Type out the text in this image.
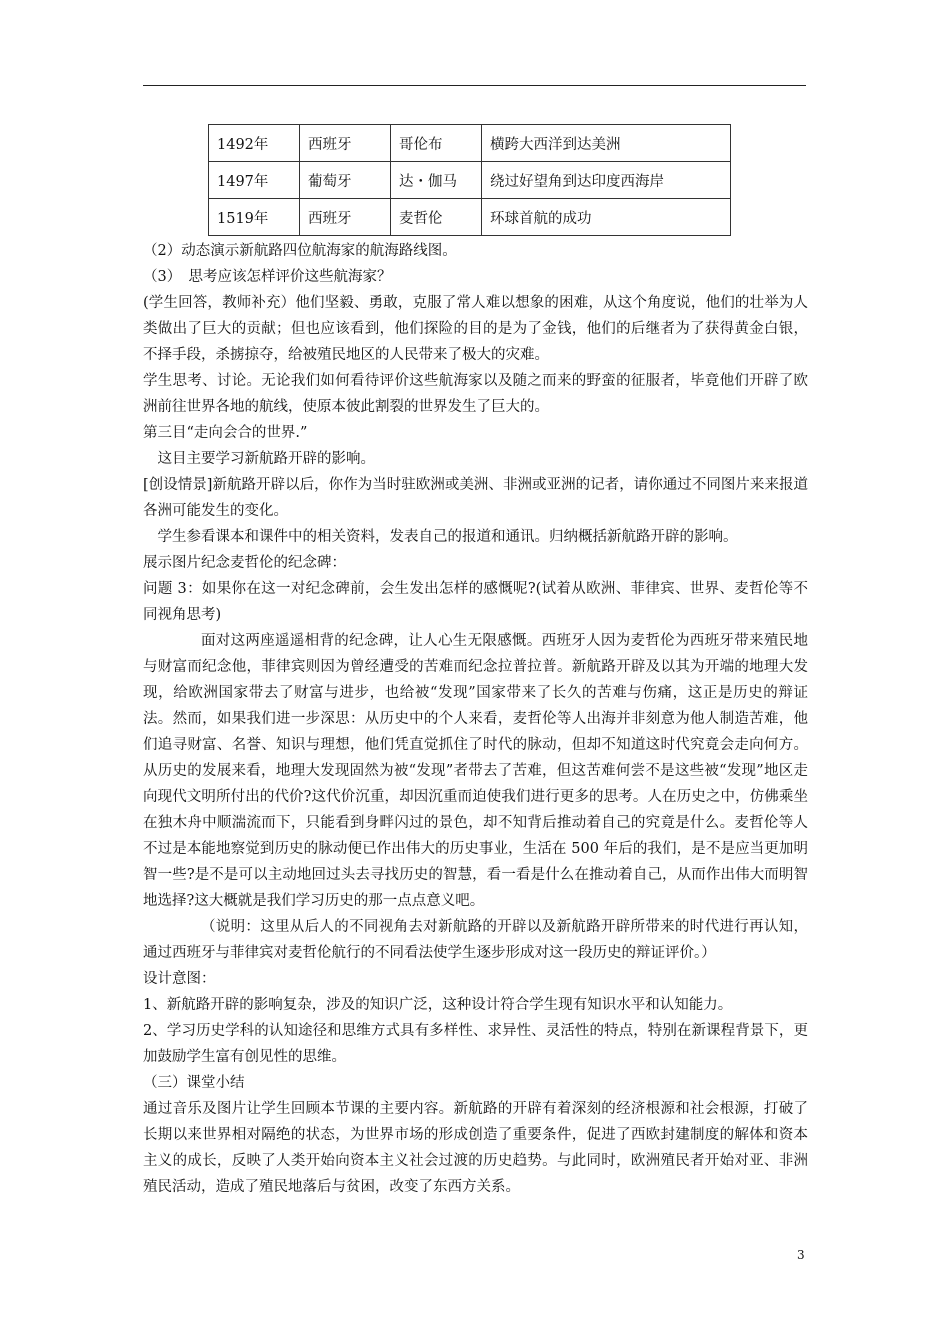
1492年	西班牙	哥伦布	横跨大西洋到达美洲
1497年	葡萄牙	达・伽马	绕过好望角到达印度西海岸
1519年	西班牙	麦哲伦	环球首航的成功

（2）动态演示新航路四位航海家的航海路线图。

（3）　思考应该怎样评价这些航海家？

(学生回答，教师补充）他们坚毅、勇敢，克服了常人难以想象的困难，从这个角度说，他们的壮举为人类做出了巨大的贡献；但也应该看到，他们探险的目的是为了金钱，他们的后继者为了获得黄金白银，不择手段，杀掳掠夺，给被殖民地区的人民带来了极大的灾难。

学生思考、讨论。无论我们如何看待评价这些航海家以及随之而来的野蛮的征服者，毕竟他们开辟了欧洲前往世界各地的航线，使原本彼此割裂的世界发生了巨大的。

第三目“走向会合的世界.”

这目主要学习新航路开辟的影响。

[创设情景]新航路开辟以后，你作为当时驻欧洲或美洲、非洲或亚洲的记者，请你通过不同图片来来报道各洲可能发生的变化。

学生参看课本和课件中的相关资料，发表自己的报道和通讯。归纳概括新航路开辟的影响。

展示图片纪念麦哲伦的纪念碑：

问题 3：如果你在这一对纪念碑前，会生发出怎样的感慨呢?(试着从欧洲、菲律宾、世界、麦哲伦等不同视角思考)

面对这两座遥遥相背的纪念碑，让人心生无限感慨。西班牙人因为麦哲伦为西班牙带来殖民地与财富而纪念他，菲律宾则因为曾经遭受的苦难而纪念拉普拉普。新航路开辟及以其为开端的地理大发现，给欧洲国家带去了财富与进步，也给被“发现”国家带来了长久的苦难与伤痛，这正是历史的辩证法。然而，如果我们进一步深思：从历史中的个人来看，麦哲伦等人出海并非刻意为他人制造苦难，他们追寻财富、名誉、知识与理想，他们凭直觉抓住了时代的脉动，但却不知道这时代究竟会走向何方。从历史的发展来看，地理大发现固然为被“发现”者带去了苦难，但这苦难何尝不是这些被“发现”地区走向现代文明所付出的代价?这代价沉重，却因沉重而迫使我们进行更多的思考。人在历史之中，仿佛乘坐在独木舟中顺湍流而下，只能看到身畔闪过的景色，却不知背后推动着自己的究竟是什么。麦哲伦等人不过是本能地察觉到历史的脉动便已作出伟大的历史事业，生活在 500 年后的我们，是不是应当更加明智一些?是不是可以主动地回过头去寻找历史的智慧，看一看是什么在推动着自己，从而作出伟大而明智地选择?这大概就是我们学习历史的那一点点意义吧。

（说明：这里从后人的不同视角去对新航路的开辟以及新航路开辟所带来的时代进行再认知，通过西班牙与菲律宾对麦哲伦航行的不同看法使学生逐步形成对这一段历史的辩证评价。）

设计意图：

1、新航路开辟的影响复杂，涉及的知识广泛，这种设计符合学生现有知识水平和认知能力。

2、学习历史学科的认知途径和思维方式具有多样性、求异性、灵活性的特点，特别在新课程背景下，更加鼓励学生富有创见性的思维。

（三）课堂小结

通过音乐及图片让学生回顾本节课的主要内容。新航路的开辟有着深刻的经济根源和社会根源，打破了长期以来世界相对隔绝的状态，为世界市场的形成创造了重要条件，促进了西欧封建制度的解体和资本主义的成长，反映了人类开始向资本主义社会过渡的历史趋势。与此同时，欧洲殖民者开始对亚、非洲殖民活动，造成了殖民地落后与贫困，改变了东西方关系。

3
